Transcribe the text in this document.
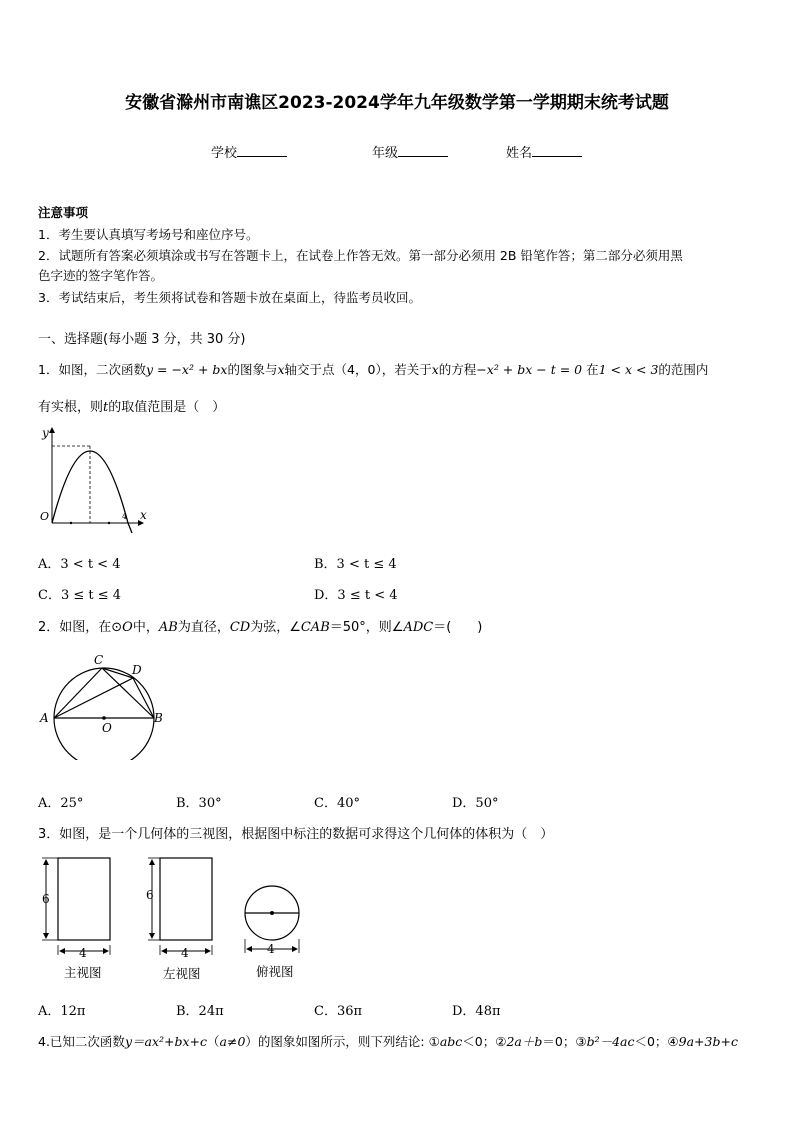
安徽省滁州市南谯区2023-2024学年九年级数学第一学期期末统考试题
学校	年级	姓名
注意事项
1．考生要认真填写考场号和座位序号。
2．试题所有答案必须填涂或书写在答题卡上，在试卷上作答无效。第一部分必须用 2B 铅笔作答；第二部分必须用黑
色字迹的签字笔作答。
3．考试结束后，考生须将试卷和答题卡放在桌面上，待监考员收回。
一、选择题(每小题 3 分，共 30 分)
1．如图，二次函数y = −x² + bx的图象与x轴交于点（4，0），若关于x的方程−x² + bx − t = 0 在1 < x < 3的范围内
有实根，则t的取值范围是（　）
y
O	x
4
A．3 < t < 4	B．3 < t ≤ 4
C．3 ≤ t ≤ 4	D．3 ≤ t < 4
2．如图，在⊙O中，AB为直径，CD为弦，∠CAB＝50°，则∠ADC＝(　　)
A	B
C
D
O
A．25°	B．30°	C．40°	D．50°
3．如图，是一个几何体的三视图，根据图中标注的数据可求得这个几何体的体积为（　）
6
4
6
4	4
主视图	左视图	俯视图
A．12π	B．24π	C．36π	D．48π
4.已知二次函数y＝ax²+bx+c（a≠0）的图象如图所示，则下列结论: ①abc＜0；②2a＋b＝0；③b²－4ac＜0；④9a+3b+c
